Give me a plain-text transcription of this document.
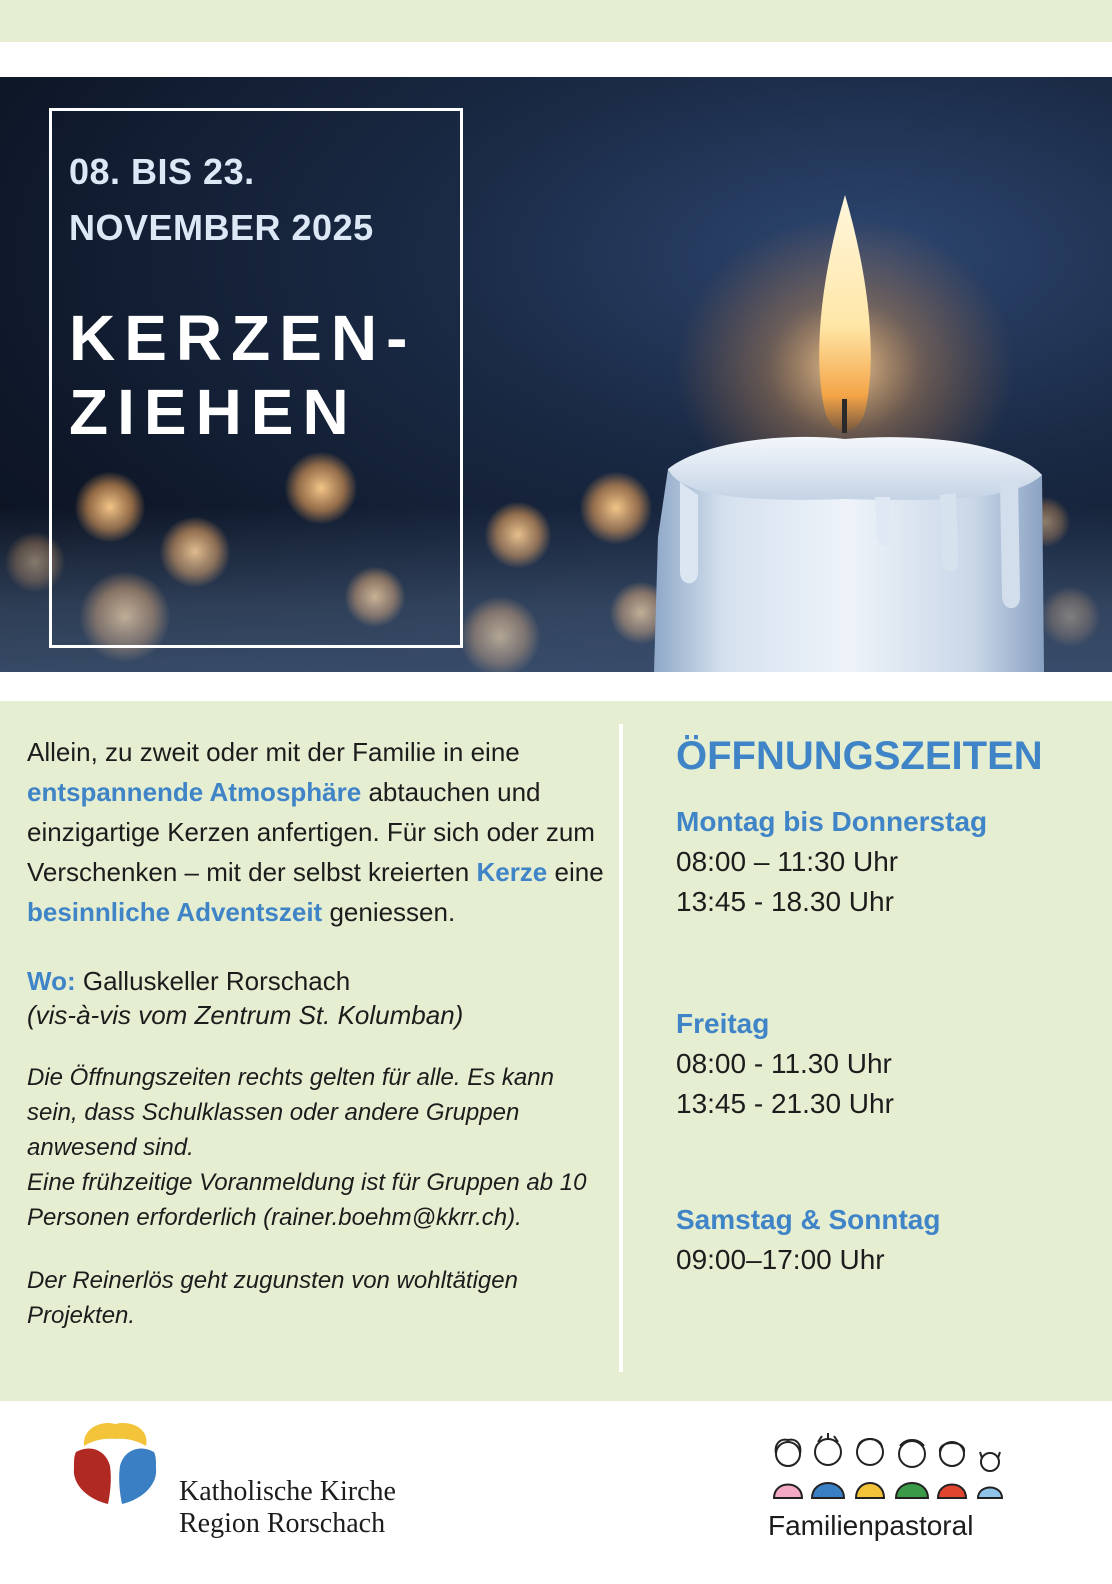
08. BIS 23.
NOVEMBER 2025
KERZEN-
ZIEHEN
Allein, zu zweit oder mit der Familie in eine entspannende Atmosphäre abtauchen und einzigartige Kerzen anfertigen. Für sich oder zum Verschenken – mit der selbst kreierten Kerze eine besinnliche Adventszeit geniessen.
Wo: Galluskeller Rorschach
(vis-à-vis vom Zentrum St. Kolumban)
Die Öffnungszeiten rechts gelten für alle. Es kann sein, dass Schulklassen oder andere Gruppen anwesend sind.
Eine frühzeitige Voranmeldung ist für Gruppen ab 10 Personen erforderlich (rainer.boehm@kkrr.ch).
Der Reinerlös geht zugunsten von wohltätigen Projekten.
ÖFFNUNGSZEITEN
Montag bis Donnerstag
08:00 – 11:30 Uhr
13:45 - 18.30 Uhr
Freitag
08:00 - 11.30 Uhr
13:45 - 21.30 Uhr
Samstag & Sonntag
09:00–17:00 Uhr
Katholische Kirche
Region Rorschach	Familienpastoral
